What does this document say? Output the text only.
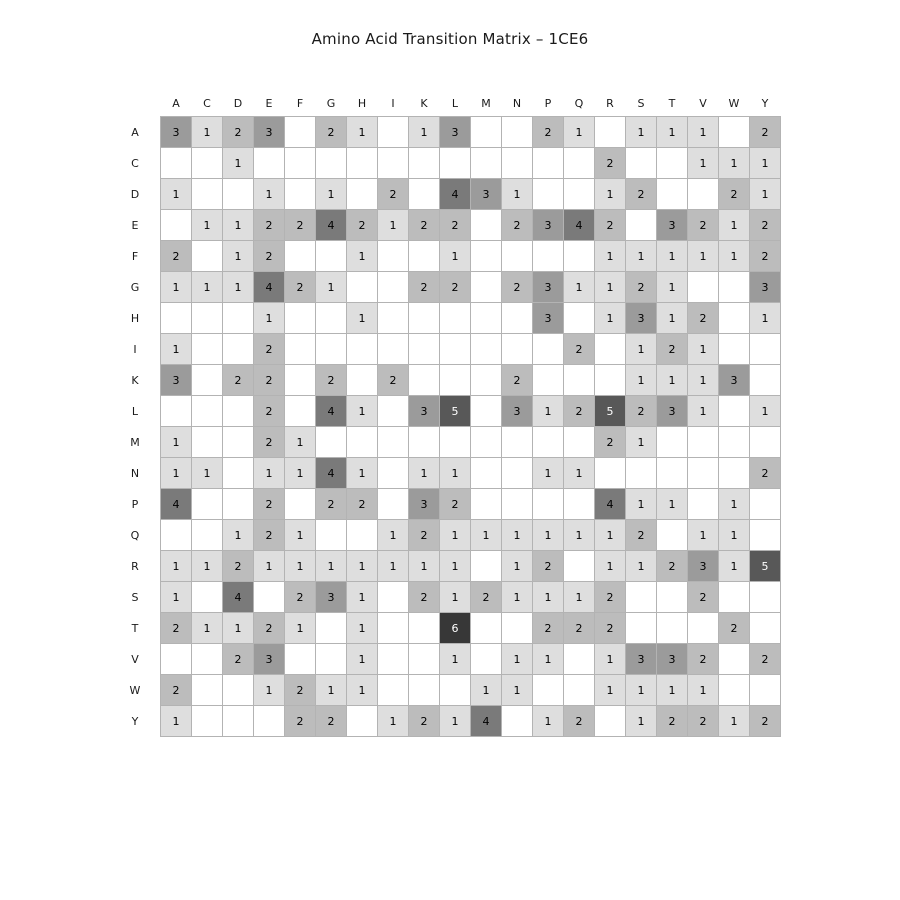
Amino Acid Transition Matrix – 1CE6
	A	C	D	E	F	G	H	I	K	L	M	N	P	Q	R	S	T	V	W	Y
A	3	1	2	3		2	1		1	3			2	1		1	1	1		2
C			1												2			1	1	1
D	1			1		1		2		4	3	1			1	2			2	1
E		1	1	2	2	4	2	1	2	2		2	3	4	2		3	2	1	2
F	2		1	2			1			1					1	1	1	1	1	2
G	1	1	1	4	2	1			2	2		2	3	1	1	2	1			3
H				1			1						3		1	3	1	2		1
I	1			2										2		1	2	1		
K	3		2	2		2		2				2				1	1	1	3	
L				2		4	1		3	5		3	1	2	5	2	3	1		1
M	1			2	1										2	1				
N	1	1		1	1	4	1		1	1			1	1						2
P	4			2		2	2		3	2					4	1	1		1	
Q			1	2	1			1	2	1	1	1	1	1	1	2		1	1	
R	1	1	2	1	1	1	1	1	1	1		1	2		1	1	2	3	1	5
S	1		4		2	3	1		2	1	2	1	1	1	2			2		
T	2	1	1	2	1		1			6			2	2	2				2	
V			2	3			1			1		1	1		1	3	3	2		2
W	2			1	2	1	1				1	1			1	1	1	1		
Y	1				2	2		1	2	1	4		1	2		1	2	2	1	2
